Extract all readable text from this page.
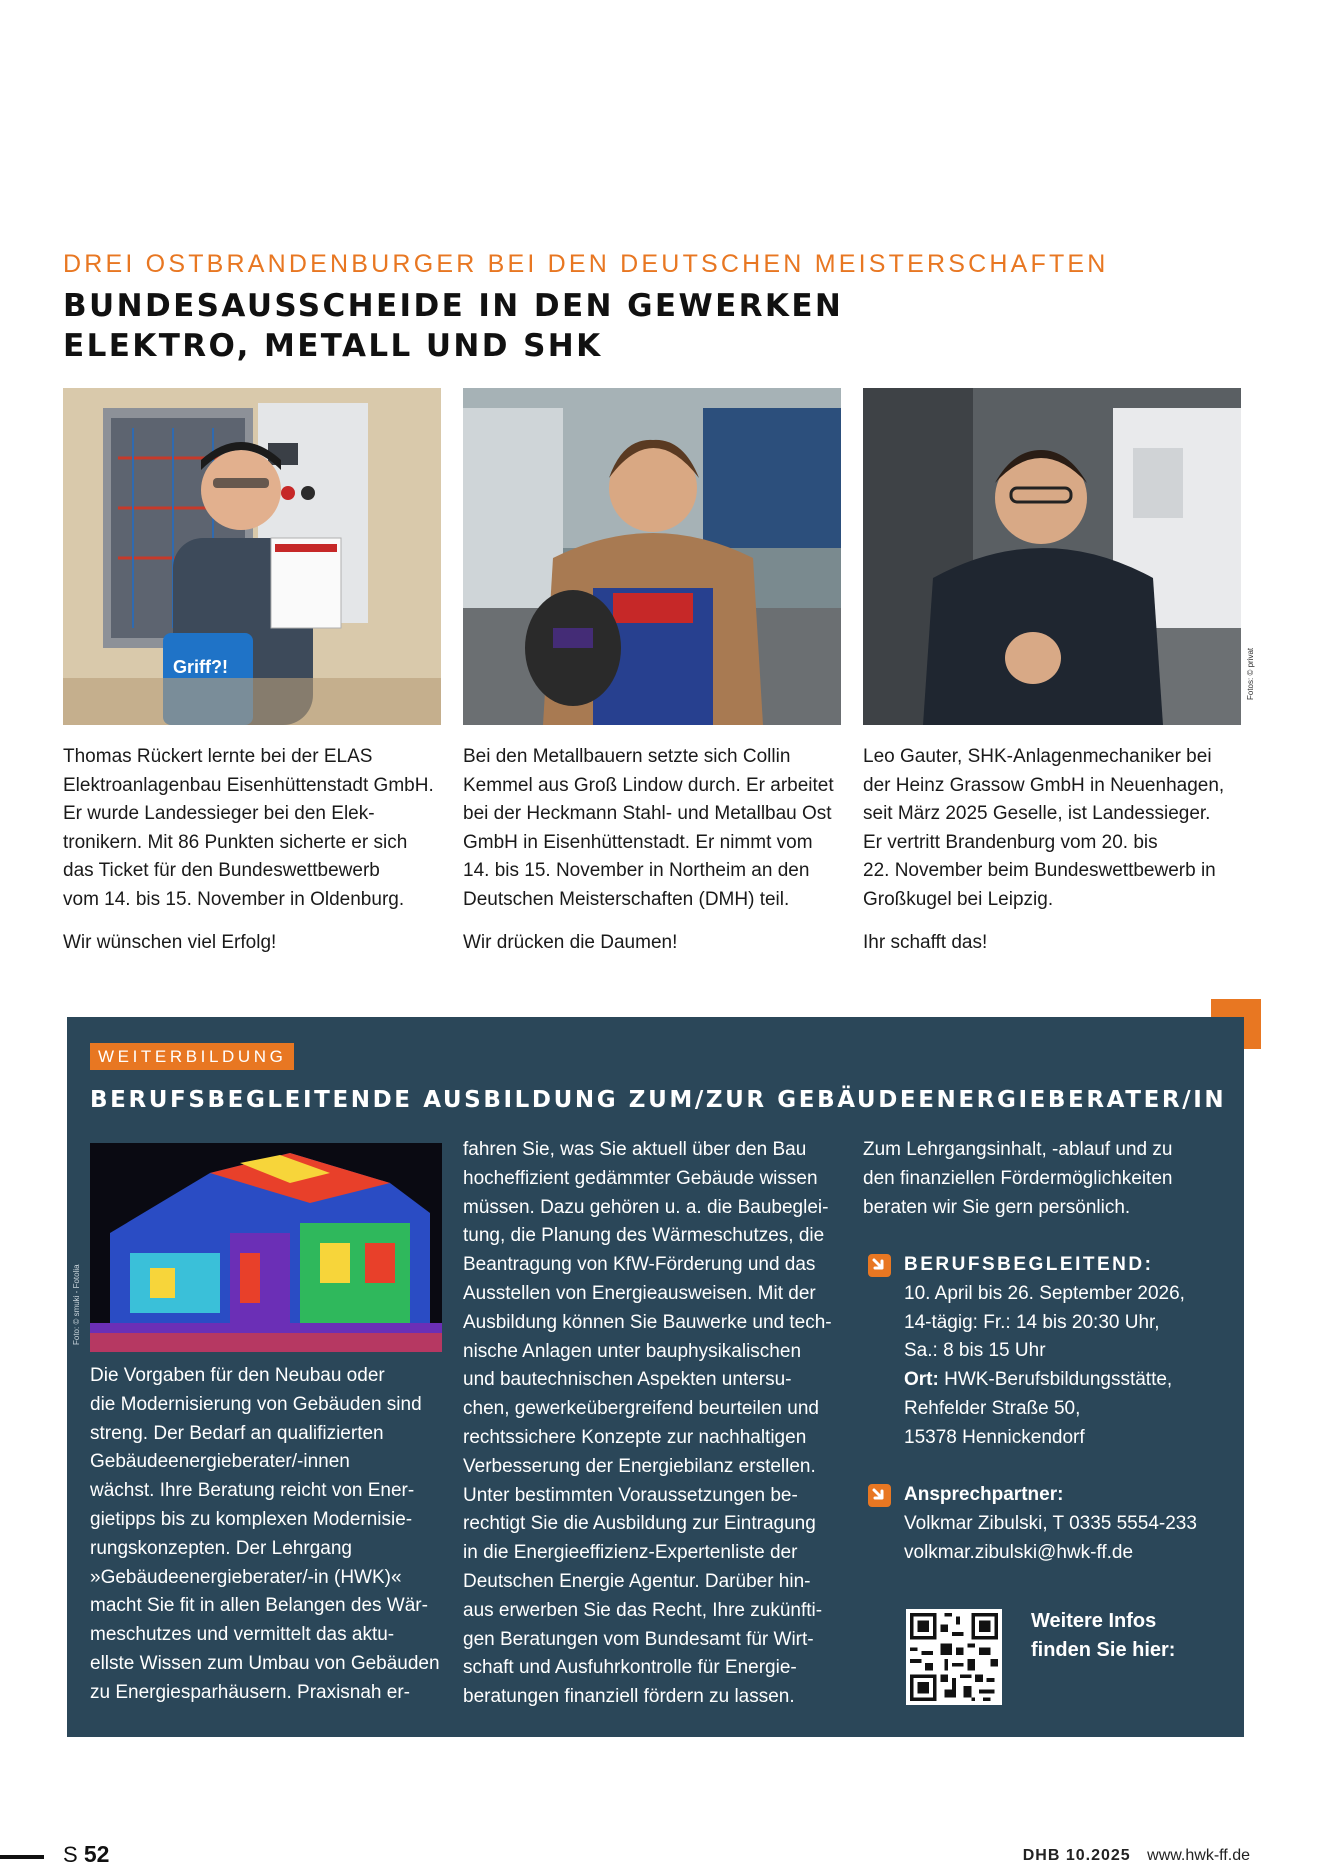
DREI OSTBRANDENBURGER BEI DEN DEUTSCHEN MEISTERSCHAFTEN
BUNDESAUSSCHEIDE IN DEN GEWERKEN
ELEKTRO, METALL UND SHK
Griff?!	Fotos: © privat

Thomas Rückert lernte bei der ELAS
Elektroanlagenbau Eisenhüttenstadt GmbH.
Er wurde Landessieger bei den Elek-
tronikern. Mit 86 Punkten sicherte er sich
das Ticket für den Bundeswettbewerb
vom 14. bis 15. November in Oldenburg.

Wir wünschen viel Erfolg!

Bei den Metallbauern setzte sich Collin
Kemmel aus Groß Lindow durch. Er arbeitet
bei der Heckmann Stahl- und Metallbau Ost
GmbH in Eisenhüttenstadt. Er nimmt vom
14. bis 15. November in Northeim an den
Deutschen Meisterschaften (DMH) teil.

Wir drücken die Daumen!

Leo Gauter, SHK-Anlagenmechaniker bei
der Heinz Grassow GmbH in Neuenhagen,
seit März 2025 Geselle, ist Landessieger.
Er vertritt Brandenburg vom 20. bis
22. November beim Bundeswettbewerb in
Großkugel bei Leipzig.

Ihr schafft das!

WEITERBILDUNG
BERUFSBEGLEITENDE AUSBILDUNG ZUM/ZUR GEBÄUDEENERGIEBERATER/IN
Foto: © smuki - Fotolia
Die Vorgaben für den Neubau oder
die Modernisierung von Gebäuden sind
streng. Der Bedarf an qualifizierten
Gebäudeenergieberater/-innen
wächst. Ihre Beratung reicht von Ener-
gietipps bis zu komplexen Modernisie-
rungskonzepten. Der Lehrgang
»Gebäudeenergieberater/-in (HWK)«
macht Sie fit in allen Belangen des Wär-
meschutzes und vermittelt das aktu-
ellste Wissen zum Umbau von Gebäuden
zu Energiesparhäusern. Praxisnah er-
fahren Sie, was Sie aktuell über den Bau
hocheffizient gedämmter Gebäude wissen
müssen. Dazu gehören u. a. die Baubeglei-
tung, die Planung des Wärmeschutzes, die
Beantragung von KfW-Förderung und das
Ausstellen von Energieausweisen. Mit der
Ausbildung können Sie Bauwerke und tech-
nische Anlagen unter bauphysikalischen
und bautechnischen Aspekten untersu-
chen, gewerkeübergreifend beurteilen und
rechtssichere Konzepte zur nachhaltigen
Verbesserung der Energiebilanz erstellen.
Unter bestimmten Voraussetzungen be-
rechtigt Sie die Ausbildung zur Eintragung
in die Energieeffizienz-Expertenliste der
Deutschen Energie Agentur. Darüber hin-
aus erwerben Sie das Recht, Ihre zukünfti-
gen Beratungen vom Bundesamt für Wirt-
schaft und Ausfuhrkontrolle für Energie-
beratungen finanziell fördern zu lassen.
Zum Lehrgangsinhalt, -ablauf und zu
den finanziellen Fördermöglichkeiten
beraten wir Sie gern persönlich.
BERUFSBEGLEITEND:
10. April bis 26. September 2026,
14-tägig: Fr.: 14 bis 20:30 Uhr,
Sa.: 8 bis 15 Uhr
Ort: HWK-Berufsbildungsstätte,
Rehfelder Straße 50,
15378 Hennickendorf
Ansprechpartner:
Volkmar Zibulski, T 0335 5554-233
volkmar.zibulski@hwk-ff.de
Weitere Infos
finden Sie hier:
S 52	DHB 10.2025 www.hwk-ff.de
